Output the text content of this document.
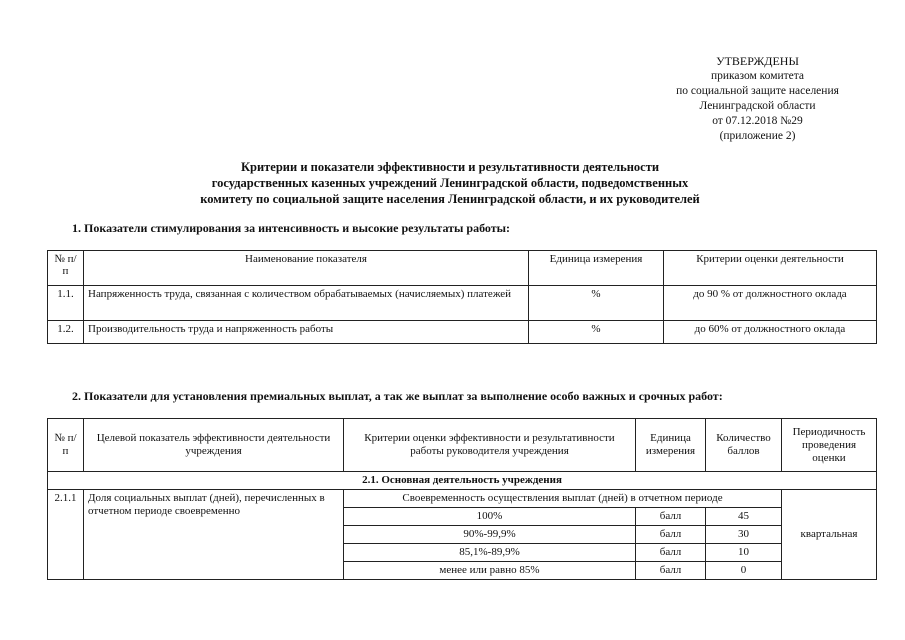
УТВЕРЖДЕНЫ
приказом комитета
по социальной защите населения
Ленинградской области
от 07.12.2018 №29
(приложение 2)
Критерии и показатели эффективности и результативности деятельности
государственных казенных учреждений Ленинградской области, подведомственных
комитету по социальной защите населения Ленинградской области, и их руководителей
1. Показатели стимулирования за интенсивность и высокие результаты работы:
№ п/п	Наименование показателя	Единица измерения	Критерии оценки деятельности
1.1.	Напряженность труда, связанная с количеством обрабатываемых (начисляемых) платежей	%	до 90 % от должностного оклада
1.2.	Производительность труда и напряженность работы	%	до 60% от должностного оклада
2. Показатели для установления премиальных выплат, а так же выплат за выполнение особо важных и срочных работ:
№ п/п	Целевой показатель эффективности деятельности учреждения	Критерии оценки эффективности и результативности работы руководителя учреждения	Единица измерения	Количество баллов	Периодичность проведения оценки
2.1. Основная деятельность учреждения					
2.1.1	Доля социальных выплат (дней), перечисленных в отчетном периоде своевременно	Своевременность осуществления выплат (дней) в отчетном периоде			квартальная
		100%	балл	45	
		90%-99,9%	балл	30	
		85,1%-89,9%	балл	10	
		менее или равно 85%	балл	0	
